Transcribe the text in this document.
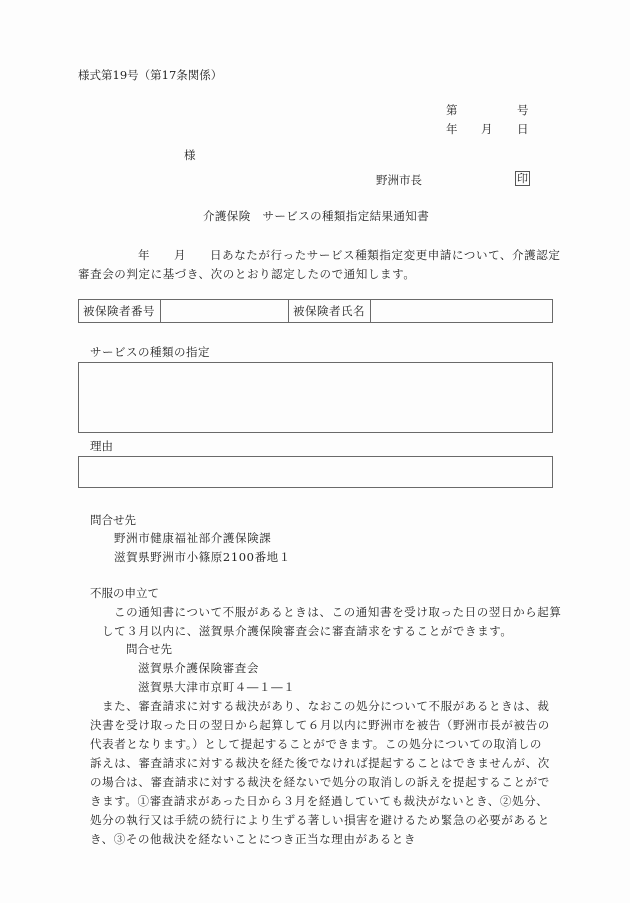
様式第19号（第17条関係）
第	号
年 月 日
様
野洲市長	印
介護保険　サービスの種類指定結果通知書
年 月 日あなたが行ったサービス種類指定変更申請について、介護認定
審査会の判定に基づき、次のとおり認定したので通知します。
被保険者番号		被保険者氏名	
サービスの種類の指定
理由
問合せ先
野洲市健康福祉部介護保険課
滋賀県野洲市小篠原2100番地１
不服の申立て
この通知書について不服があるときは、この通知書を受け取った日の翌日から起算
して３月以内に、滋賀県介護保険審査会に審査請求をすることができます。
問合せ先
滋賀県介護保険審査会
滋賀県大津市京町４―１―１
また、審査請求に対する裁決があり、なおこの処分について不服があるときは、裁
決書を受け取った日の翌日から起算して６月以内に野洲市を被告（野洲市長が被告の
代表者となります。）として提起することができます。この処分についての取消しの
訴えは、審査請求に対する裁決を経た後でなければ提起することはできませんが、次
の場合は、審査請求に対する裁決を経ないで処分の取消しの訴えを提起することがで
きます。①審査請求があった日から３月を経過していても裁決がないとき、②処分、
処分の執行又は手続の続行により生ずる著しい損害を避けるため緊急の必要があると
き、③その他裁決を経ないことにつき正当な理由があるとき
